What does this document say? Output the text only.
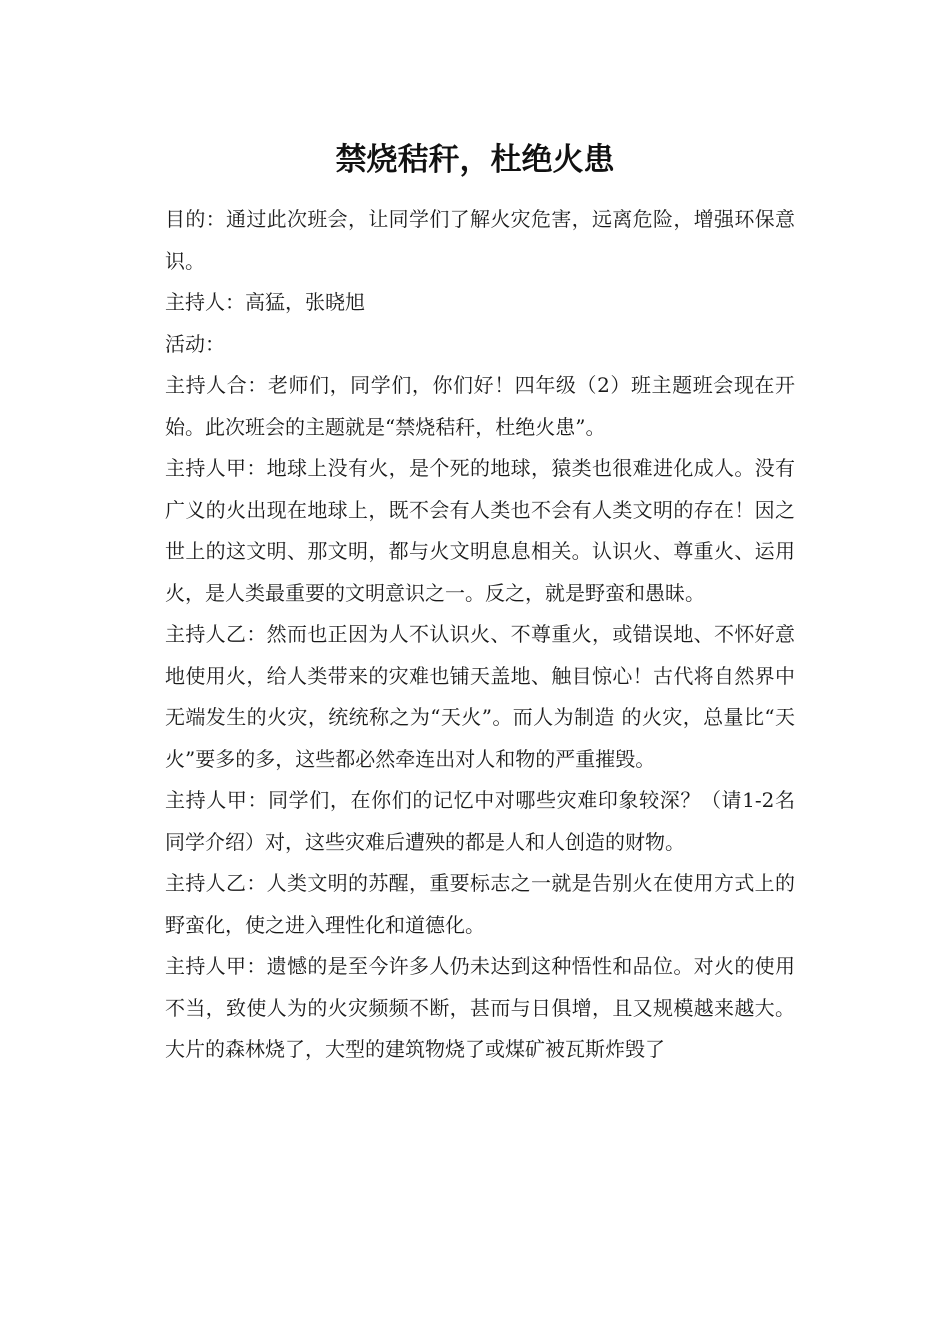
禁烧秸秆，杜绝火患

目的：通过此次班会，让同学们了解火灾危害，远离危险，增强环保意识。

主持人：高猛，张晓旭

活动：

主持人合：老师们，同学们，你们好！四年级（2）班主题班会现在开始。此次班会的主题就是“禁烧秸秆，杜绝火患”。

主持人甲：地球上没有火，是个死的地球，猿类也很难进化成人。没有广义的火出现在地球上，既不会有人类也不会有人类文明的存在！因之世上的这文明、那文明，都与火文明息息相关。认识火、尊重火、运用火，是人类最重要的文明意识之一。反之，就是野蛮和愚昧。

主持人乙：然而也正因为人不认识火、不尊重火，或错误地、不怀好意地使用火，给人类带来的灾难也铺天盖地、触目惊心！古代将自然界中无端发生的火灾，统统称之为“天火”。而人为制造 的火灾，总量比“天火”要多的多，这些都必然牵连出对人和物的严重摧毁。

主持人甲：同学们，在你们的记忆中对哪些灾难印象较深？（请1-2名同学介绍）对，这些灾难后遭殃的都是人和人创造的财物。

主持人乙：人类文明的苏醒，重要标志之一就是告别火在使用方式上的野蛮化，使之进入理性化和道德化。

主持人甲：遗憾的是至今许多人仍未达到这种悟性和品位。对火的使用不当，致使人为的火灾频频不断，甚而与日俱增，且又规模越来越大。大片的森林烧了，大型的建筑物烧了或煤矿被瓦斯炸毁了
